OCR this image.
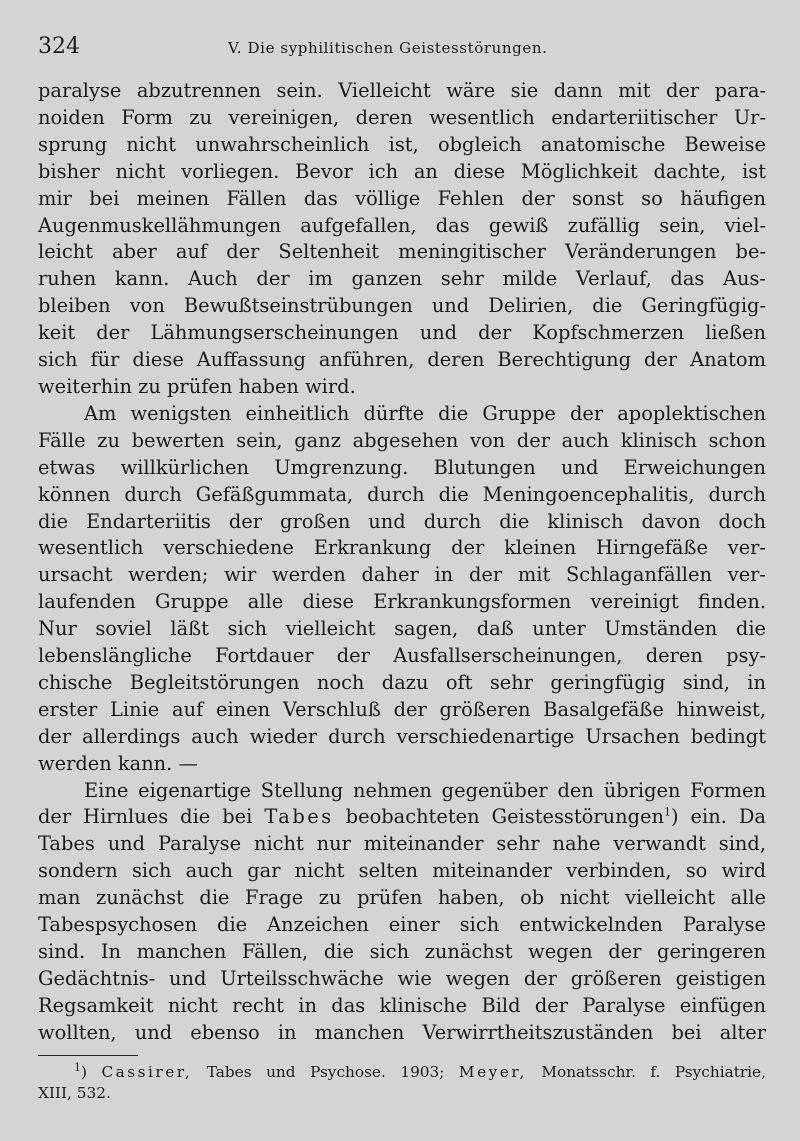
324	V. Die syphilitischen Geistesstörungen.
paralyse abzutrennen sein. Vielleicht wäre sie dann mit der para-
noiden Form zu vereinigen, deren wesentlich endarteriitischer Ur-
sprung nicht unwahrscheinlich ist, obgleich anatomische Beweise
bisher nicht vorliegen. Bevor ich an diese Möglichkeit dachte, ist
mir bei meinen Fällen das völlige Fehlen der sonst so häufigen
Augenmuskellähmungen aufgefallen, das gewiß zufällig sein, viel-
leicht aber auf der Seltenheit meningitischer Veränderungen be-
ruhen kann. Auch der im ganzen sehr milde Verlauf, das Aus-
bleiben von Bewußtseinstrübungen und Delirien, die Geringfügig-
keit der Lähmungserscheinungen und der Kopfschmerzen ließen
sich für diese Auffassung anführen, deren Berechtigung der Anatom
weiterhin zu prüfen haben wird.
Am wenigsten einheitlich dürfte die Gruppe der apoplektischen
Fälle zu bewerten sein, ganz abgesehen von der auch klinisch schon
etwas willkürlichen Umgrenzung. Blutungen und Erweichungen
können durch Gefäßgummata, durch die Meningoencephalitis, durch
die Endarteriitis der großen und durch die klinisch davon doch
wesentlich verschiedene Erkrankung der kleinen Hirngefäße ver-
ursacht werden; wir werden daher in der mit Schlaganfällen ver-
laufenden Gruppe alle diese Erkrankungsformen vereinigt finden.
Nur soviel läßt sich vielleicht sagen, daß unter Umständen die
lebenslängliche Fortdauer der Ausfallserscheinungen, deren psy-
chische Begleitstörungen noch dazu oft sehr geringfügig sind, in
erster Linie auf einen Verschluß der größeren Basalgefäße hinweist,
der allerdings auch wieder durch verschiedenartige Ursachen bedingt
werden kann. —
Eine eigenartige Stellung nehmen gegenüber den übrigen Formen
der Hirnlues die bei Tabes beobachteten Geistesstörungen$^1$) ein. Da
Tabes und Paralyse nicht nur miteinander sehr nahe verwandt sind,
sondern sich auch gar nicht selten miteinander verbinden, so wird
man zunächst die Frage zu prüfen haben, ob nicht vielleicht alle
Tabespsychosen die Anzeichen einer sich entwickelnden Paralyse
sind. In manchen Fällen, die sich zunächst wegen der geringeren
Gedächtnis- und Urteilsschwäche wie wegen der größeren geistigen
Regsamkeit nicht recht in das klinische Bild der Paralyse einfügen
wollten, und ebenso in manchen Verwirrtheitszuständen bei alter
$^1$) Cassirer, Tabes und Psychose. 1903; Meyer, Monatsschr. f. Psychiatrie,
XIII, 532.
